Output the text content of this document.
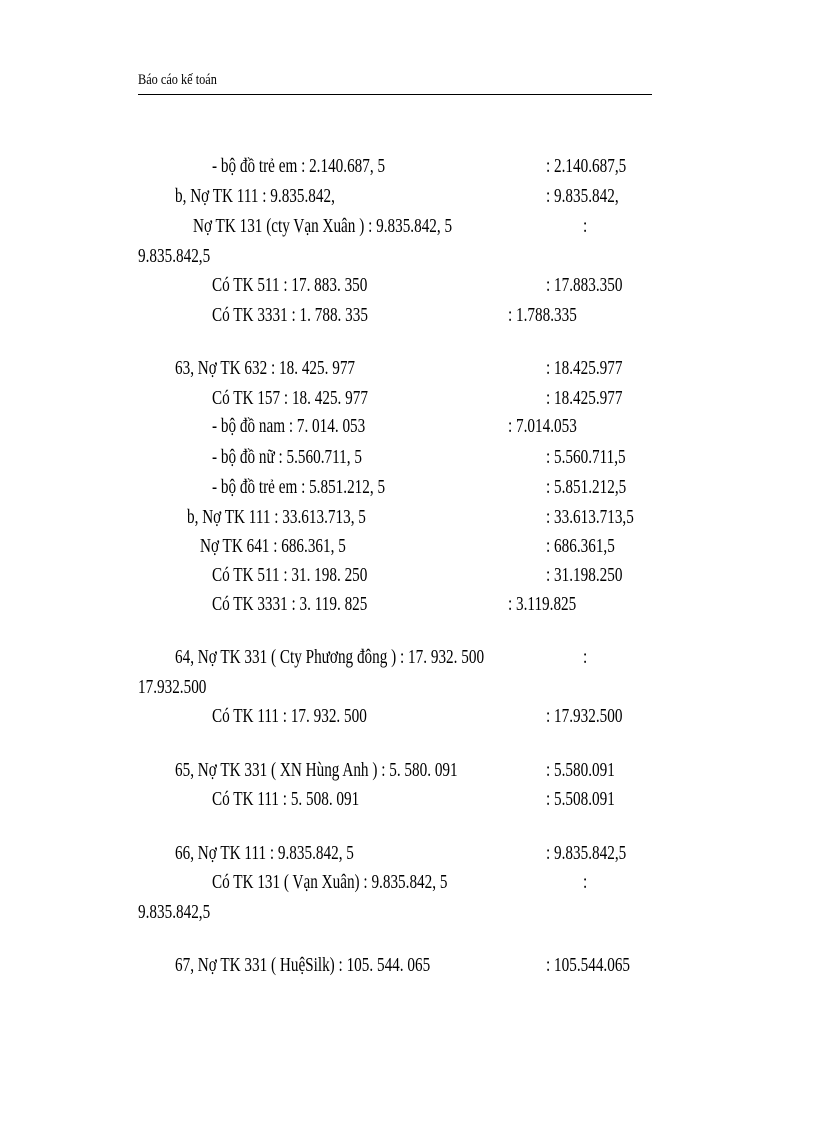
Báo cáo kế toán
- bộ đồ trẻ em : 2.140.687, 5	: 2.140.687,5
b, Nợ TK 111 : 9.835.842,	: 9.835.842,
Nợ TK 131 (cty Vạn Xuân ) : 9.835.842, 5	:
9.835.842,5
Có TK 511 : 17. 883. 350	: 17.883.350
Có TK 3331 : 1. 788. 335	: 1.788.335
63, Nợ TK 632 : 18. 425. 977	: 18.425.977
Có TK 157 : 18. 425. 977	: 18.425.977
- bộ đồ nam : 7. 014. 053	: 7.014.053
- bộ đồ nữ : 5.560.711, 5	: 5.560.711,5
- bộ đồ trẻ em : 5.851.212, 5	: 5.851.212,5
b, Nợ TK 111 : 33.613.713, 5	: 33.613.713,5
Nợ TK 641 : 686.361, 5	: 686.361,5
Có TK 511 : 31. 198. 250	: 31.198.250
Có TK 3331 : 3. 119. 825	: 3.119.825
64, Nợ TK 331 ( Cty Phương đông ) : 17. 932. 500	:
17.932.500
Có TK 111 : 17. 932. 500	: 17.932.500
65, Nợ TK 331 ( XN Hùng Anh ) : 5. 580. 091	: 5.580.091
Có TK 111 : 5. 508. 091	: 5.508.091
66, Nợ TK 111 : 9.835.842, 5	: 9.835.842,5
Có TK 131 ( Vạn Xuân) : 9.835.842, 5	:
9.835.842,5
67, Nợ TK 331 ( HuệSilk) : 105. 544. 065	: 105.544.065
